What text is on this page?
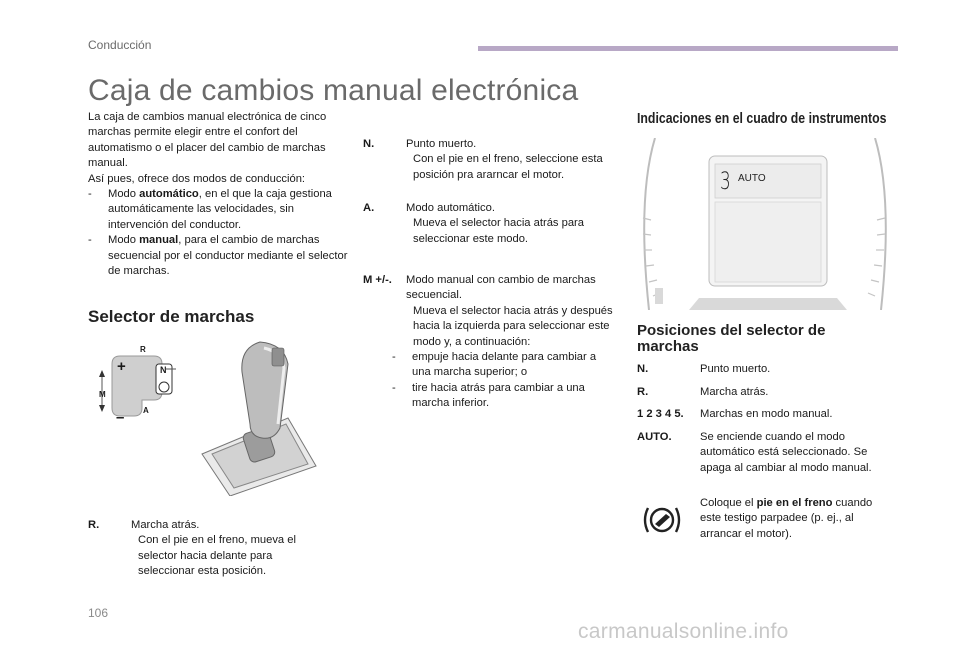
Conducción
Caja de cambios manual electrónica

La caja de cambios manual electrónica de cinco marchas permite elegir entre el confort del automatismo o el placer del cambio de marchas manual.

Así pues, ofrece dos modos de conducción:

-	Modo automático, en el que la caja gestiona automáticamente las velocidades, sin intervención del conductor.
-	Modo manual, para el cambio de marchas secuencial por el conductor mediante el selector de marchas.
Selector de marchas
+
–
R
A
M
N
R.	Marcha atrás.
Con el pie en el freno, mueva el selector hacia delante para seleccionar esta posición.
N.	Punto muerto.
Con el pie en el freno, seleccione esta posición pra ararncar el motor.
A.	Modo automático.
Mueva el selector hacia atrás para seleccionar este modo.
M +/-.	Modo manual con cambio de marchas secuencial.
Mueva el selector hacia atrás y después hacia la izquierda para seleccionar este modo y, a continuación:
-	empuje hacia delante para cambiar a una marcha superior; o
-	tire hacia atrás para cambiar a una marcha inferior.
Indicaciones en el cuadro de instrumentos
3 AUTO
Posiciones del selector de marchas
N.	Punto muerto.
R.	Marcha atrás.
1 2 3 4 5.	Marchas en modo manual.
AUTO.	Se enciende cuando el modo automático está seleccionado. Se apaga al cambiar al modo manual.
Coloque el pie en el freno cuando este testigo parpadee (p. ej., al arrancar el motor).
106
carmanualsonline.info
